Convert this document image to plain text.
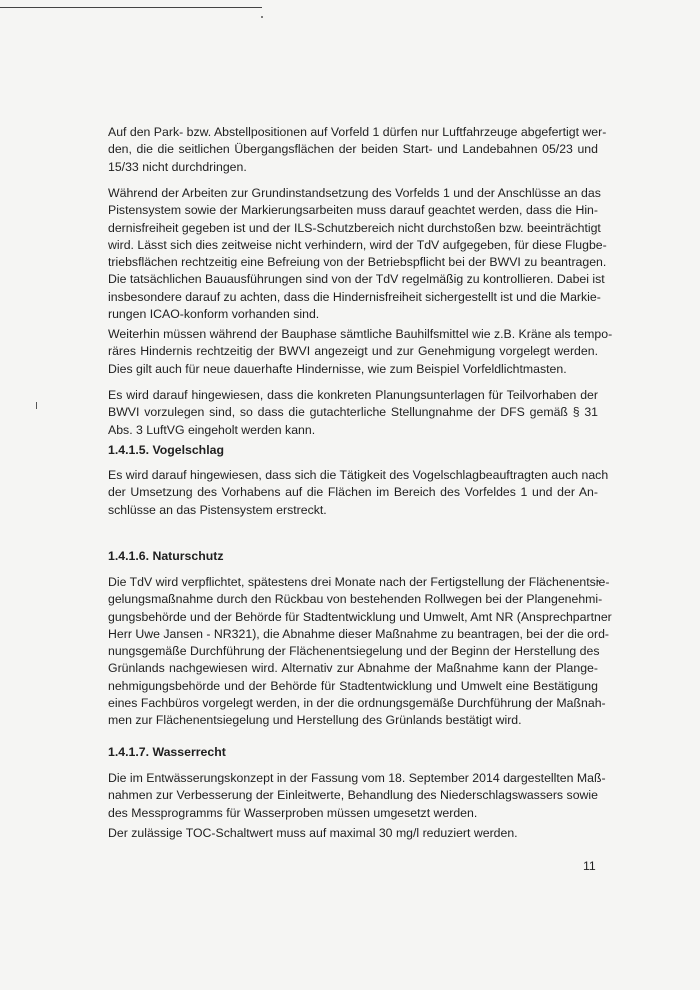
Auf den Park- bzw. Abstellpositionen auf Vorfeld 1 dürfen nur Luftfahrzeuge abgefertigt wer-
den, die die seitlichen Übergangsflächen der beiden Start- und Landebahnen 05/23 und
15/33 nicht durchdringen.
Während der Arbeiten zur Grundinstandsetzung des Vorfelds 1 und der Anschlüsse an das
Pistensystem sowie der Markierungsarbeiten muss darauf geachtet werden, dass die Hin-
dernisfreiheit gegeben ist und der ILS-Schutzbereich nicht durchstoßen bzw. beeinträchtigt
wird. Lässt sich dies zeitweise nicht verhindern, wird der TdV aufgegeben, für diese Flugbe-
triebsflächen rechtzeitig eine Befreiung von der Betriebspflicht bei der BWVI zu beantragen.
Die tatsächlichen Bauausführungen sind von der TdV regelmäßig zu kontrollieren. Dabei ist
insbesondere darauf zu achten, dass die Hindernisfreiheit sichergestellt ist und die Markie-
rungen ICAO-konform vorhanden sind.
Weiterhin müssen während der Bauphase sämtliche Bauhilfsmittel wie z.B. Kräne als tempo-
räres Hindernis rechtzeitig der BWVI angezeigt und zur Genehmigung vorgelegt werden.
Dies gilt auch für neue dauerhafte Hindernisse, wie zum Beispiel Vorfeldlichtmasten.
Es wird darauf hingewiesen, dass die konkreten Planungsunterlagen für Teilvorhaben der
BWVI vorzulegen sind, so dass die gutachterliche Stellungnahme der DFS gemäß § 31
Abs. 3 LuftVG eingeholt werden kann.
1.4.1.5. Vogelschlag
Es wird darauf hingewiesen, dass sich die Tätigkeit des Vogelschlagbeauftragten auch nach
der Umsetzung des Vorhabens auf die Flächen im Bereich des Vorfeldes 1 und der An-
schlüsse an das Pistensystem erstreckt.
1.4.1.6. Naturschutz
Die TdV wird verpflichtet, spätestens drei Monate nach der Fertigstellung der Flächenentsie-
gelungsmaßnahme durch den Rückbau von bestehenden Rollwegen bei der Plangenehmi-
gungsbehörde und der Behörde für Stadtentwicklung und Umwelt, Amt NR (Ansprechpartner
Herr Uwe Jansen - NR321), die Abnahme dieser Maßnahme zu beantragen, bei der die ord-
nungsgemäße Durchführung der Flächenentsiegelung und der Beginn der Herstellung des
Grünlands nachgewiesen wird. Alternativ zur Abnahme der Maßnahme kann der Plange-
nehmigungsbehörde und der Behörde für Stadtentwicklung und Umwelt eine Bestätigung
eines Fachbüros vorgelegt werden, in der die ordnungsgemäße Durchführung der Maßnah-
men zur Flächenentsiegelung und Herstellung des Grünlands bestätigt wird.
1.4.1.7. Wasserrecht
Die im Entwässerungskonzept in der Fassung vom 18. September 2014 dargestellten Maß-
nahmen zur Verbesserung der Einleitwerte, Behandlung des Niederschlagswassers sowie
des Messprogramms für Wasserproben müssen umgesetzt werden.
Der zulässige TOC-Schaltwert muss auf maximal 30 mg/l reduziert werden.
11
